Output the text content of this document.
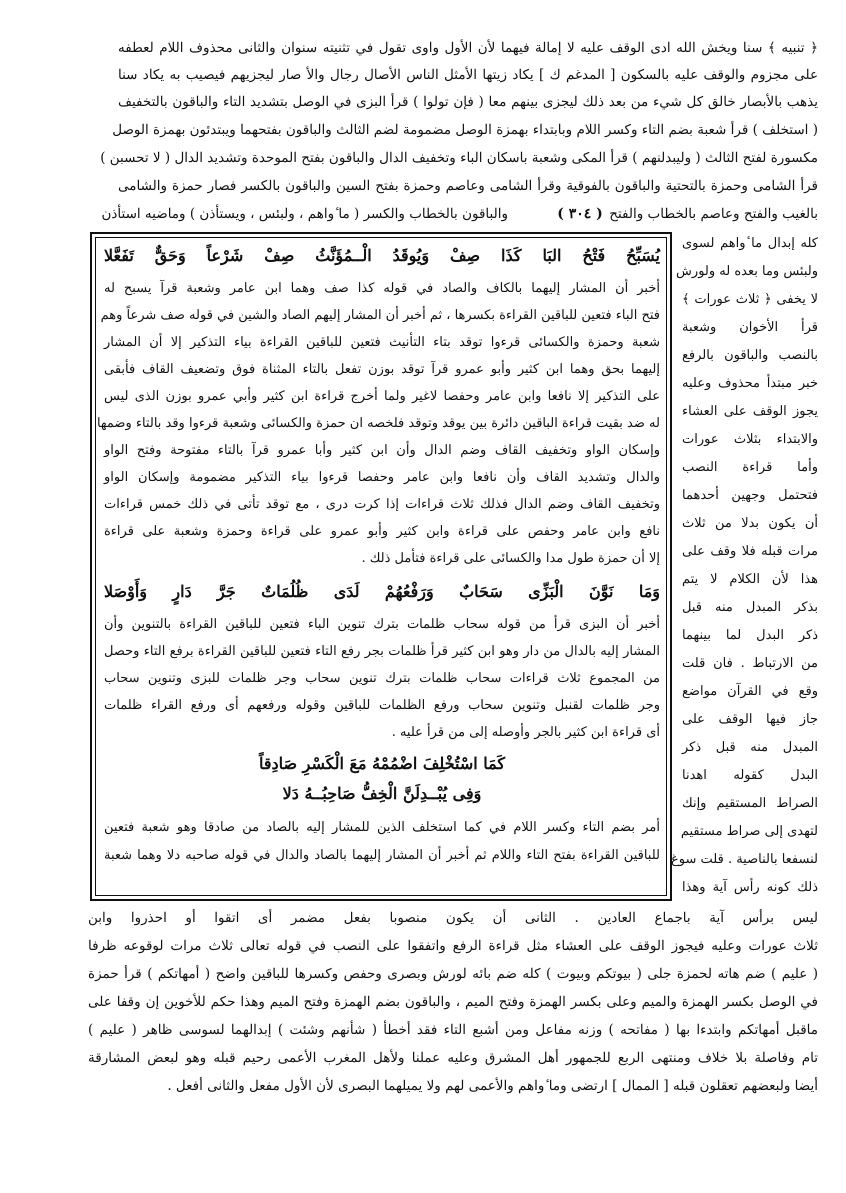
﴿ تنبيه ﴾ سنا ويخش الله ادى الوقف عليه لا إمالة فيهما لأن الأول واوى تقول في تثنيته سنوان والثانى محذوف اللام لعطفه
على مجزوم والوقف عليه بالسكون [ المدغم ك ] يكاد زيتها الأمثل الناس الأصال رجال والأ صار ليجزيهم فيصيب به يكاد سنا
يذهب بالأبصار خالق كل شيء من بعد ذلك ليجزى بينهم معا ( فإن تولوا ) قرأ البزى في الوصل بتشديد التاء والباقون بالتخفيف
( استخلف ) قرأ شعبة بضم التاء وكسر اللام وبابتداء بهمزة الوصل مضمومة لضم الثالث والباقون بفتحهما ويبتدئون بهمزة الوصل
مكسورة لفتح الثالث ( وليبدلنهم ) قرأ المكى وشعبة باسكان الباء وتخفيف الدال والباقون بفتح الموحدة وتشديد الدال ( لا تحسبن )
قرأ الشامى وحمزة بالتحتية والباقون بالفوقية وقرأ الشامى وعاصم وحمزة بفتح السين والباقون بالكسر فصار حمزة والشامى
بالغيب والفتح وعاصم بالخطاب والفتح
( ٣٠٤ )
والباقون بالخطاب والكسر ( ما ٔواهم ، ولبئس ، ويستأذن ) وماضيه استأذن
يُسَبِّحُ فَتْحُ البَا كَذَا صِفْ وَيُوقَدُ الْــمُؤَنَّثُ صِفْ شَرْعاً وَحَقٌّ تَفَعَّلا
أخبر أن المشار إليهما بالكاف والصاد في قوله كذا صف وهما ابن عامر وشعبة قرآ يسبح له
فتح الباء فتعين للباقين القراءة بكسرها ، ثم أخبر أن المشار إليهم الصاد والشين في قوله صف شرعاً وهم
شعبة وحمزة والكسائى قرءوا توقد بتاء التأنيث فتعين للباقين القراءة بياء التذكير إلا أن المشار
إليهما بحق وهما ابن كثير وأبو عمرو قرآ توقد بوزن تفعل بالتاء المثناة فوق وتضعيف القاف فأبقى
على التذكير إلا نافعا وابن عامر وحفصا لاغير ولما أخرج قراءة ابن كثير وأبي عمرو بوزن الذى ليس
له ضد بقيت قراءة الباقين دائرة بين يوقد وتوقد فلخصه ان حمزة والكسائى وشعبة قرءوا وقد بالتاء وضمها
وإسكان الواو وتخفيف القاف وضم الدال وأن ابن كثير وأبا عمرو قرآ بالتاء مفتوحة وفتح الواو
والدال وتشديد القاف وأن نافعا وابن عامر وحفصا قرءوا بياء التذكير مضمومة وإسكان الواو
وتخفيف القاف وضم الدال فذلك ثلاث قراءات إذا كرت درى ، مع توقد تأتى في ذلك خمس قراءات
نافع وابن عامر وحفص على قراءة وابن كثير وأبو عمرو على قراءة وحمزة وشعبة على قراءة
إلا أن حمزة طول مدا والكسائى على قراءة فتأمل ذلك .
وَمَا نَوَّنَ الْبَزِّى سَحَابٌ وَرَفْعُهُمْ لَدَى ظُلُمَاتٌ جَرَّ دَارٍ وَأَوْصَلا
أخبر أن البزى قرأ من قوله سحاب ظلمات بترك تنوين الباء فتعين للباقين القراءة بالتنوين وأن
المشار إليه بالدال من دار وهو ابن كثير قرأ ظلمات بجر رفع التاء فتعين للباقين القراءة برفع التاء وحصل
من المجموع ثلاث قراءات سحاب ظلمات بترك تنوين سحاب وجر ظلمات للبزى وتنوين سحاب
وجر ظلمات لقنبل وتنوين سحاب ورفع الظلمات للباقين وقوله ورفعهم أى ورفع القراء ظلمات
أى قراءة ابن كثير بالجر وأوصله إلى من قرأ عليه .
كَمَا اسْتُخْلِفَ اضْمُمْهُ مَعَ الْكَسْرِ صَادِقاً
وَفِى يُبْــدِلَنَّ الْخِفُّ صَاحِبُــهُ دَلا
أمر بضم التاء وكسر اللام في كما استخلف الذين للمشار إليه بالصاد من صادقا وهو شعبة فتعين
للباقين القراءة بفتح التاء واللام ثم أخبر أن المشار إليهما بالصاد والدال في قوله صاحبه دلا وهما شعبة
كله إبدال ما ٔواهم لسوى
ولبئس وما بعده له ولورش
لا يخفى ﴿ ثلاث عورات ﴾
قرأ الأخوان وشعبة
بالنصب والباقون بالرفع
خبر مبتدأ محذوف وعليه
يجوز الوقف على العشاء
والابتداء بثلاث عورات
وأما قراءة النصب
فتحتمل وجهين أحدهما
أن يكون بدلا من ثلاث
مرات قبله فلا وقف على
هذا لأن الكلام لا يتم
بذكر المبدل منه قبل
ذكر البدل لما بينهما
من الارتباط . فان قلت
وقع في القرآن مواضع
جاز فيها الوقف على
المبدل منه قبل ذكر
البدل كقوله اهدنا
الصراط المستقيم وإنك
لتهدى إلى صراط مستقيم
لنسفعا بالناصية . قلت سوغ
ذلك كونه رأس آية وهذا
ليس برأس آية باجماع العادين . الثانى أن يكون منصوبا بفعل مضمر أى اتقوا أو احذروا وابن
ثلاث عورات وعليه فيجوز الوقف على العشاء مثل قراءة الرفع واتفقوا على النصب في قوله تعالى ثلاث مرات لوقوعه ظرفا
( عليم ) ضم هاته لحمزة جلى ( بيوتكم وبيوت ) كله ضم بائه لورش وبصرى وحفص وكسرها للباقين واضح ( أمهاتكم ) قرأ حمزة
في الوصل بكسر الهمزة والميم وعلى بكسر الهمزة وفتح الميم ، والباقون بضم الهمزة وفتح الميم وهذا حكم للأخوين إن وقفا على
ماقبل أمهاتكم وابتدءا بها ( مفاتحه ) وزنه مفاعل ومن أشبع التاء فقد أخطأ ( شأنهم وشئت ) إبدالهما لسوسى ظاهر ( عليم )
تام وفاصلة بلا خلاف ومنتهى الربع للجمهور أهل المشرق وعليه عملنا ولأهل المغرب الأعمى رحيم قبله وهو لبعض المشارقة
أيضا ولبعضهم تعقلون قبله [ الممال ] ارتضى وما ٔواهم والأعمى لهم ولا يميلهما البصرى لأن الأول مفعل والثانى أفعل .
